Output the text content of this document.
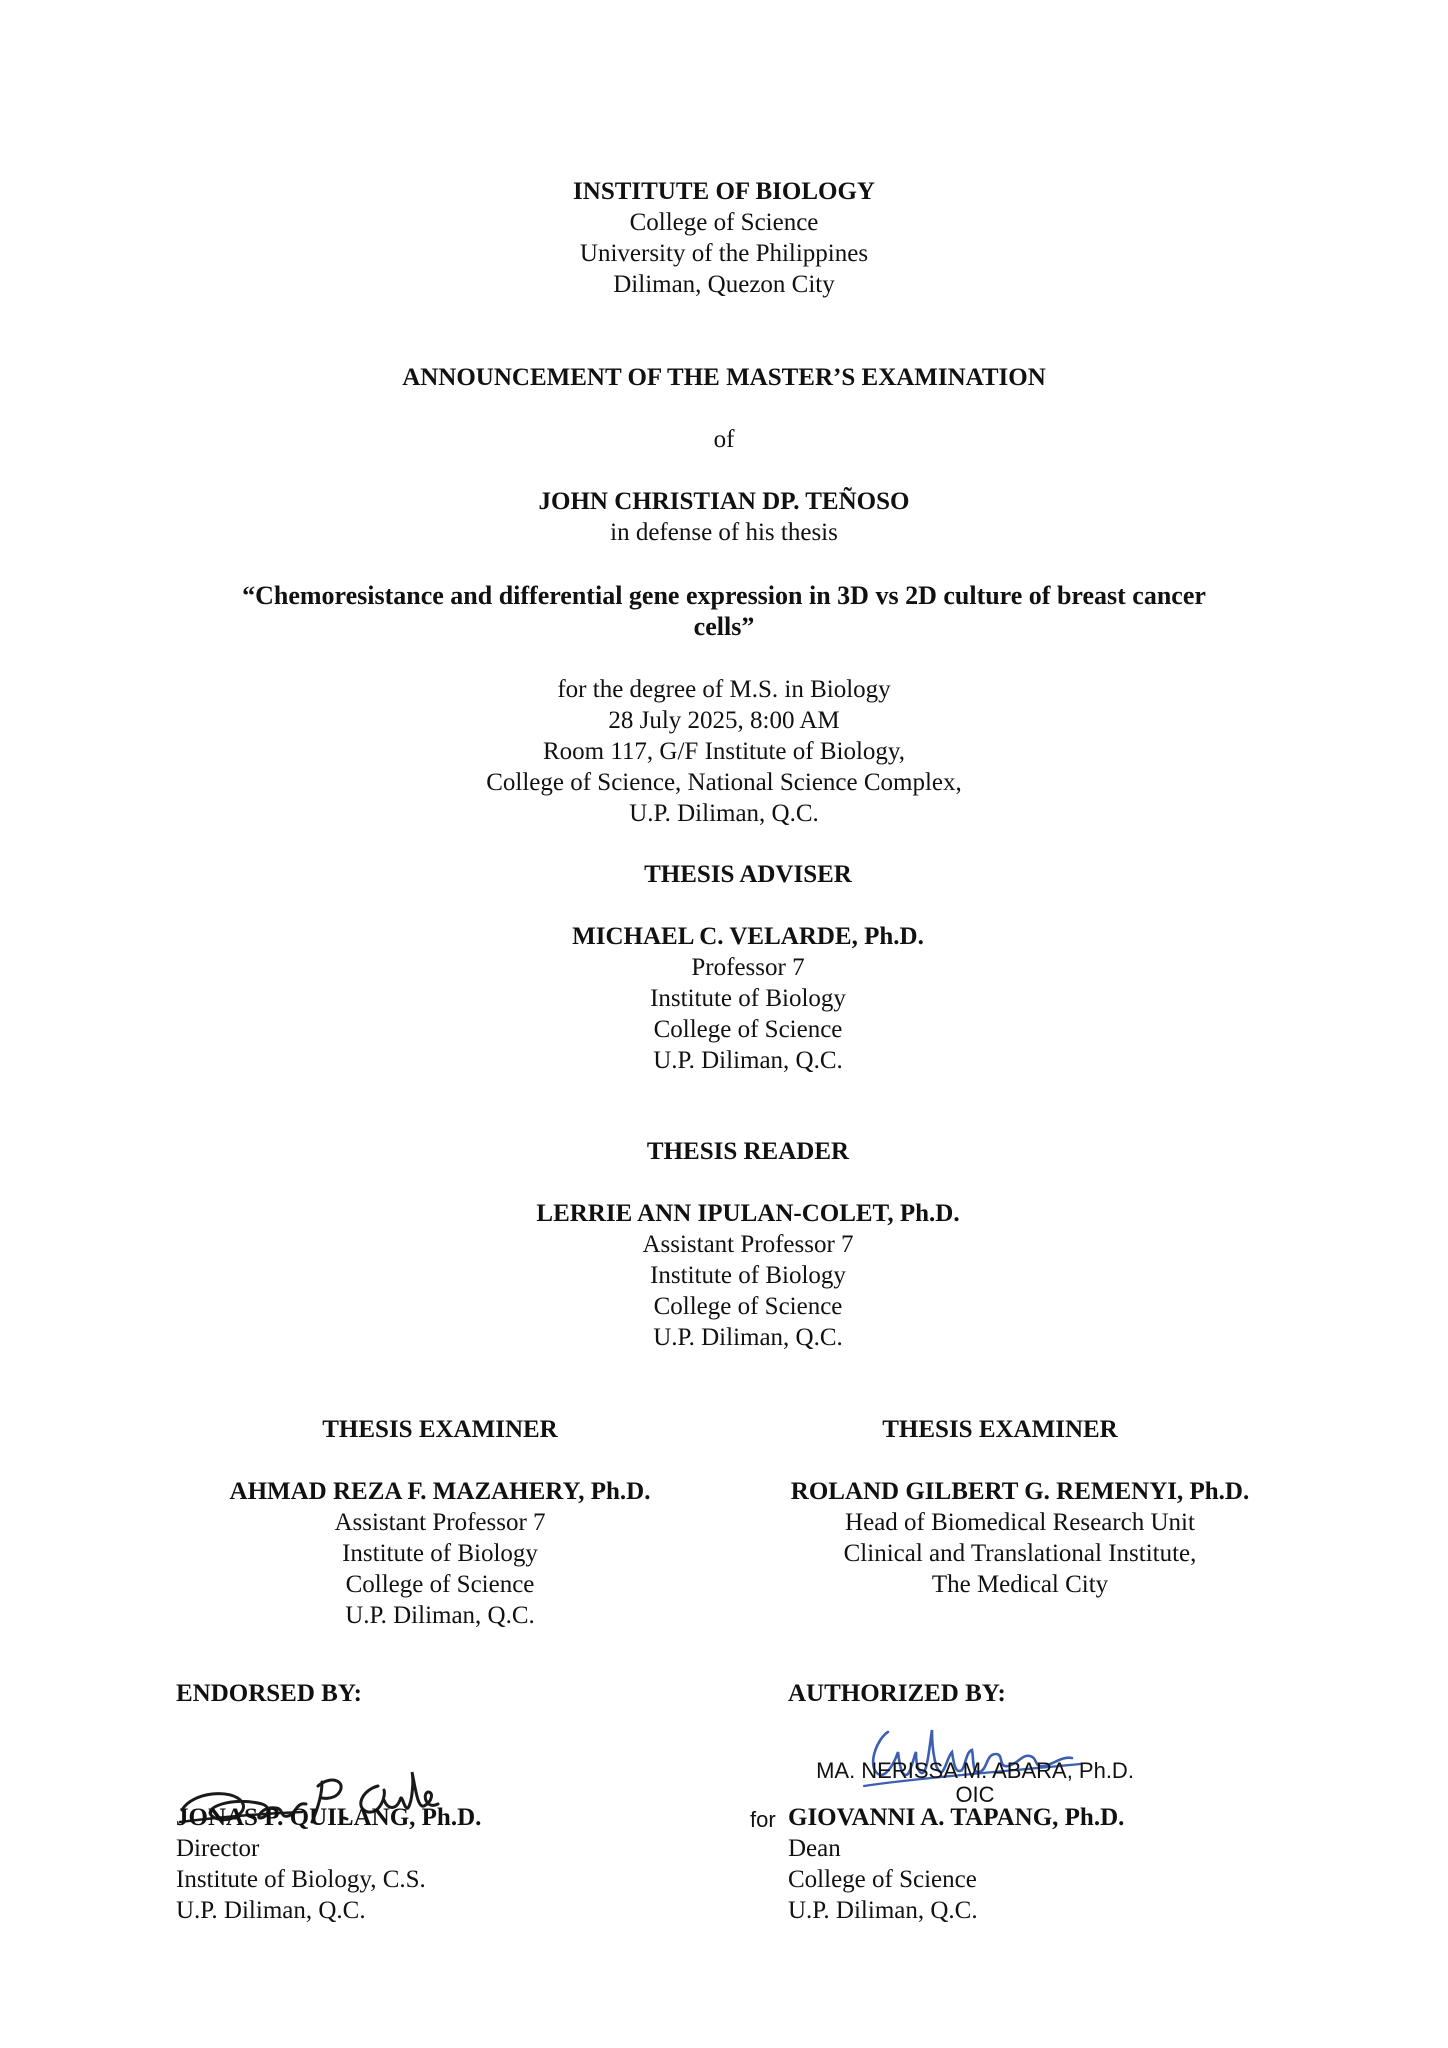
INSTITUTE OF BIOLOGY
College of Science
University of the Philippines
Diliman, Quezon City
ANNOUNCEMENT OF THE MASTER’S EXAMINATION
of
JOHN CHRISTIAN DP. TEÑOSO
in defense of his thesis
“Chemoresistance and differential gene expression in 3D vs 2D culture of breast cancer
cells”
for the degree of M.S. in Biology
28 July 2025, 8:00 AM
Room 117, G/F Institute of Biology,
College of Science, National Science Complex,
U.P. Diliman, Q.C.
THESIS ADVISER
MICHAEL C. VELARDE, Ph.D.
Professor 7
Institute of Biology
College of Science
U.P. Diliman, Q.C.
THESIS READER
LERRIE ANN IPULAN-COLET, Ph.D.
Assistant Professor 7
Institute of Biology
College of Science
U.P. Diliman, Q.C.
THESIS EXAMINER
AHMAD REZA F. MAZAHERY, Ph.D.
Assistant Professor 7
Institute of Biology
College of Science
U.P. Diliman, Q.C.
THESIS EXAMINER
ROLAND GILBERT G. REMENYI, Ph.D.
Head of Biomedical Research Unit
Clinical and Translational Institute,
The Medical City
ENDORSED BY:
JONAS P. QUILANG, Ph.D.
Director
Institute of Biology, C.S.
U.P. Diliman, Q.C.
AUTHORIZED BY:
MA. NERISSA M. ABARA, Ph.D.
OIC
for GIOVANNI A. TAPANG, Ph.D.
Dean
College of Science
U.P. Diliman, Q.C.
